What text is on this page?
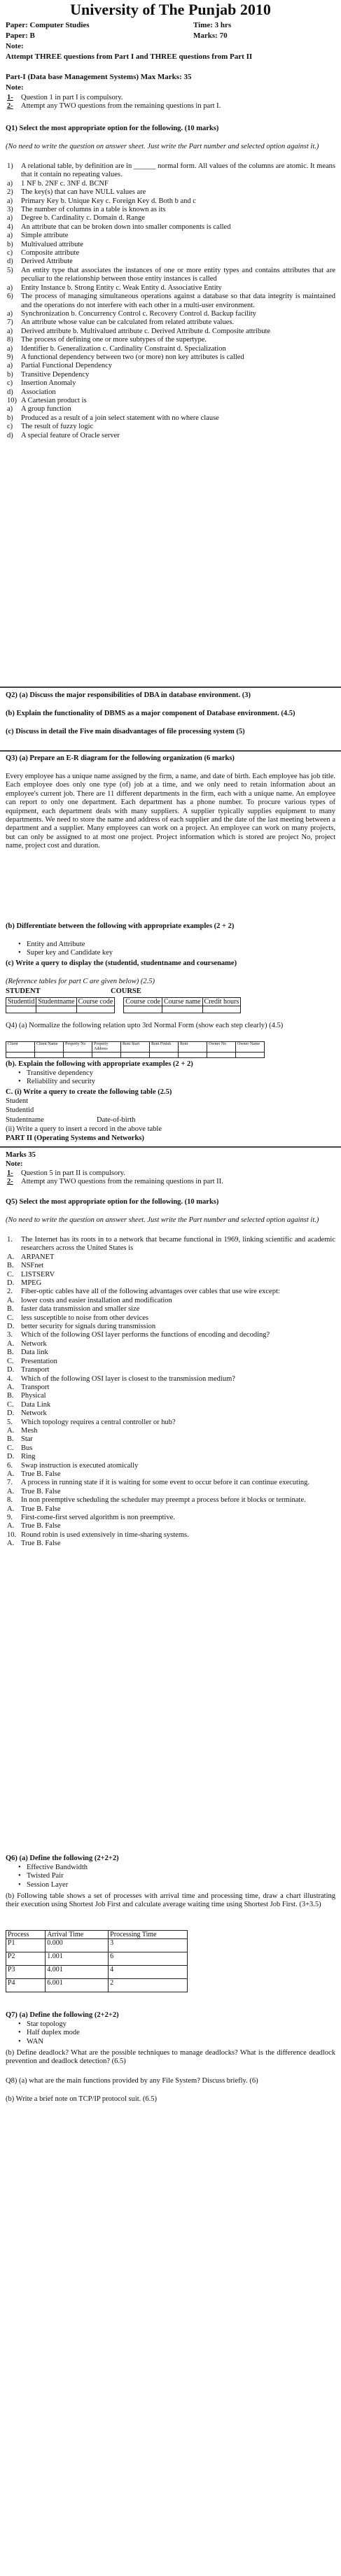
University of The Punjab 2010
Paper: Computer Studies	Time: 3 hrs
Paper: B	Marks: 70
Note:
Attempt THREE questions from Part I and THREE questions from Part II
Part-I (Data base Management Systems) Max Marks: 35
Note:
1- Question 1 in part I is compulsory.
2- Attempt any TWO questions from the remaining questions in part I.
Q1) Select the most appropriate option for the following. (10 marks)
(No need to write the question on answer sheet. Just write the Part number and selected option against it.)
1) A relational table, by definition are in ______ normal form. All values of the columns are atomic. It means that it contain no repeating values.
a) 1 NF b. 2NF c. 3NF d. BCNF
2) The key(s) that can have NULL values are
a) Primary Key b. Unique Key c. Foreign Key d. Both b and c
3) The number of columns in a table is known as its
a) Degree b. Cardinality c. Domain d. Range
4) An attribute that can be broken down into smaller components is called
a) Simple attribute
b) Multivalued attribute
c) Composite attribute
d) Derived Attribute
5) An entity type that associates the instances of one or more entity types and contains attributes that are peculiar to the relationship between those entity instances is called
a) Entity Instance b. Strong Entity c. Weak Entity d. Associative Entity
6) The process of managing simultaneous operations against a database so that data integrity is maintained and the operations do not interfere with each other in a multi-user environment.
a) Synchronization b. Concurrency Control c. Recovery Control d. Backup facility
7) An attribute whose value can be calculated from related attribute values.
a) Derived attribute b. Multivalued attribute c. Derived Attribute d. Composite attribute
8) The process of defining one or more subtypes of the supertype.
a) Identifier b. Generalization c. Cardinality Constraint d. Specialization
9) A functional dependency between two (or more) non key attributes is called
a) Partial Functional Dependency
b) Transitive Dependency
c) Insertion Anomaly
d) Association
10) A Cartesian product is
a) A group function
b) Produced as a result of a join select statement with no where clause
c) The result of fuzzy logic
d) A special feature of Oracle server
Q2) (a) Discuss the major responsibilities of DBA in database environment. (3)
(b) Explain the functionality of DBMS as a major component of Database environment. (4.5)
(c) Discuss in detail the Five main disadvantages of file processing system (5)
Q3) (a) Prepare an E-R diagram for the following organization (6 marks)
Every employee has a unique name assigned by the firm, a name, and date of birth. Each employee has job title. Each employee does only one type (of) job at a time, and we only need to retain information about an employee's current job. There are 11 different departments in the firm, each with a unique name. An employee can report to only one department. Each department has a phone number. To procure various types of equipment, each department deals with many suppliers. A supplier typically supplies equipment to many departments. We need to store the name and address of each supplier and the date of the last meeting between a department and a supplier. Many employees can work on a project. An employee can work on many projects, but can only be assigned to at most one project. Project information which is stored are project No, project name, project cost and duration.
(b) Differentiate between the following with appropriate examples (2 + 2)
• Entity and Attribute
• Super key and Candidate key
(c) Write a query to display the (studentid, studentname and coursename)
(Reference tables for part C are given below) (2.5)
STUDENT	COURSE
Studentid	Studentname	Course code		Course code	Course name	Credit hours

Q4) (a) Normalize the following relation upto 3rd Normal Form (show each step clearly) (4.5)
Client	Client Name	Property No	Property Address	Rent Start	Rent Finish	Rent	Owner No	Owner Name

(b). Explain the following with appropriate examples (2 + 2)
• Transitive dependency
• Reliability and security
C. (i) Write a query to create the following table (2.5)
Student
Studentid
Studentname	Date-of-birth
(ii) Write a query to insert a record in the above table
PART II (Operating Systems and Networks)
Marks 35
Note:
1- Question 5 in part II is compulsory.
2- Attempt any TWO questions from the remaining questions in part II.
Q5) Select the most appropriate option for the following. (10 marks)
(No need to write the question on answer sheet. Just write the Part number and selected option against it.)
1. The Internet has its roots in to a network that became functional in 1969, linking scientific and academic researchers across the United States is
A. ARPANET
B. NSFnet
C. LISTSERV
D. MPEG
2. Fiber-optic cables have all of the following advantages over cables that use wire except:
A. lower costs and easier installation and modification
B. faster data transmission and smaller size
C. less susceptible to noise from other devices
D. better security for signals during transmission
3. Which of the following OSI layer performs the functions of encoding and decoding?
A. Network
B. Data link
C. Presentation
D. Transport
4. Which of the following OSI layer is closest to the transmission medium?
A. Transport
B. Physical
C. Data Link
D. Network
5. Which topology requires a central controller or hub?
A. Mesh
B. Star
C. Bus
D. Ring
6. Swap instruction is executed atomically
A. True B. False
7. A process in running state if it is waiting for some event to occur before it can continue executing.
A. True B. False
8. In non preemptive scheduling the scheduler may preempt a process before it blocks or terminate.
A. True B. False
9. First-come-first served algorithm is non preemptive.
A. True B. False
10. Round robin is used extensively in time-sharing systems.
A. True B. False
Q6) (a) Define the following (2+2+2)
• Effective Bandwidth
• Twisted Pair
• Session Layer
(b) Following table shows a set of processes with arrival time and processing time, draw a chart illustrating their execution using Shortest Job First and calculate average waiting time using Shortest Job First. (3+3.5)
Process	Arrival Time	Processing Time
P1	0.000	3
P2	1.001	6
P3	4.001	4
P4	6.001	2
Q7) (a) Define the following (2+2+2)
• Star topology
• Half duplex mode
• WAN
(b) Define deadlock? What are the possible techniques to manage deadlocks? What is the difference deadlock prevention and deadlock detection? (6.5)
Q8) (a) what are the main functions provided by any File System? Discuss briefly. (6)
(b) Write a brief note on TCP/IP protocol suit. (6.5)
